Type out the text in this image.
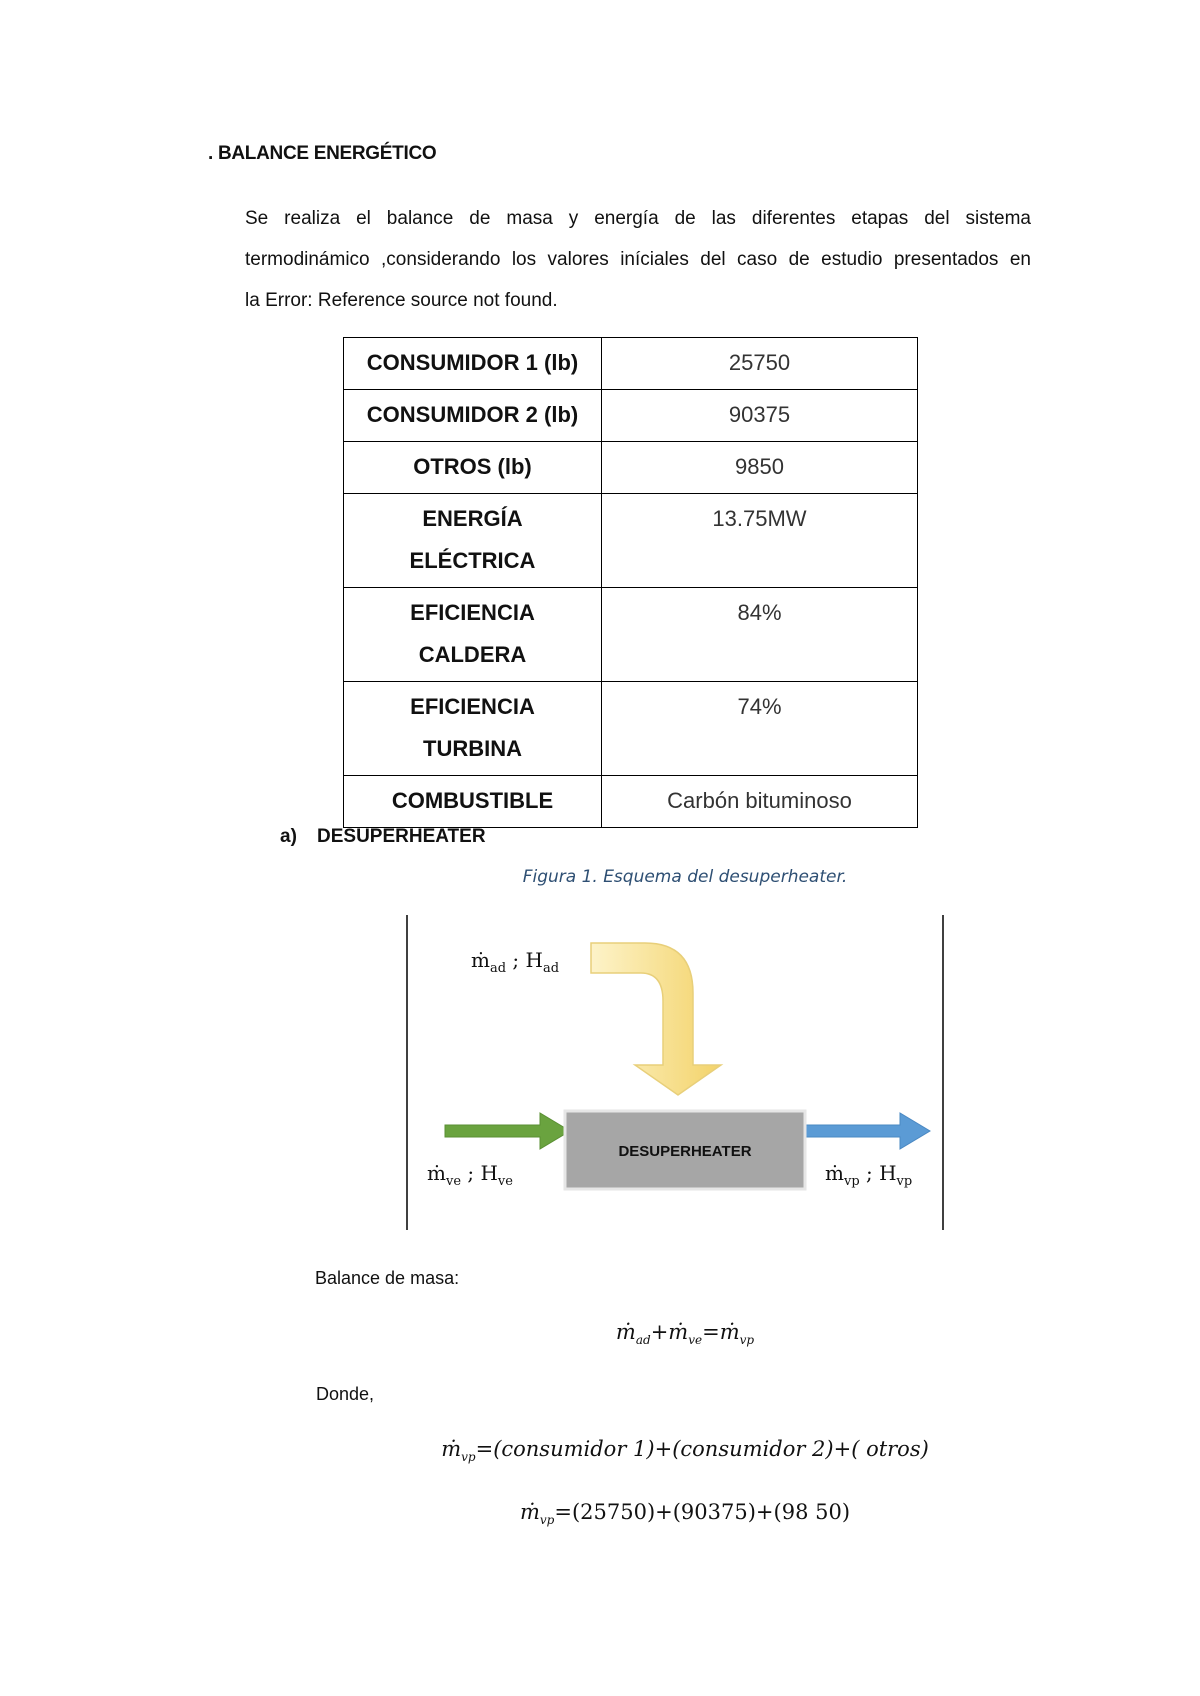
. BALANCE ENERGÉTICO
Se realiza el balance de masa y energía de las diferentes etapas del sistema
termodinámico ,considerando los valores iníciales del caso de estudio presentados en
la Error: Reference source not found.
CONSUMIDOR 1 (lb)	25750

CONSUMIDOR 2 (lb)	90375

OTROS (lb)	9850

ENERGÍA
ELÉCTRICA	13.75MW

EFICIENCIA
CALDERA	84%

EFICIENCIA
TURBINA	74%

COMBUSTIBLE	Carbón bituminoso
a) DESUPERHEATER
Figura 1. Esquema del desuperheater.
DESUPERHEATER
ṁ$_{ad}$ ; $H_{ad}$
ṁ$_{ve}$ ; $H_{ve}$	ṁ$_{vp}$ ; $H_{vp}$
Balance de masa:
ṁ$_{ad}$+ṁ$_{ve}$=ṁ$_{vp}$
Donde,
ṁ$_{vp}$=(consumidor 1)+(consumidor 2)+( otros)
ṁ$_{vp}$=(25750)+(90375)+(98 50)
